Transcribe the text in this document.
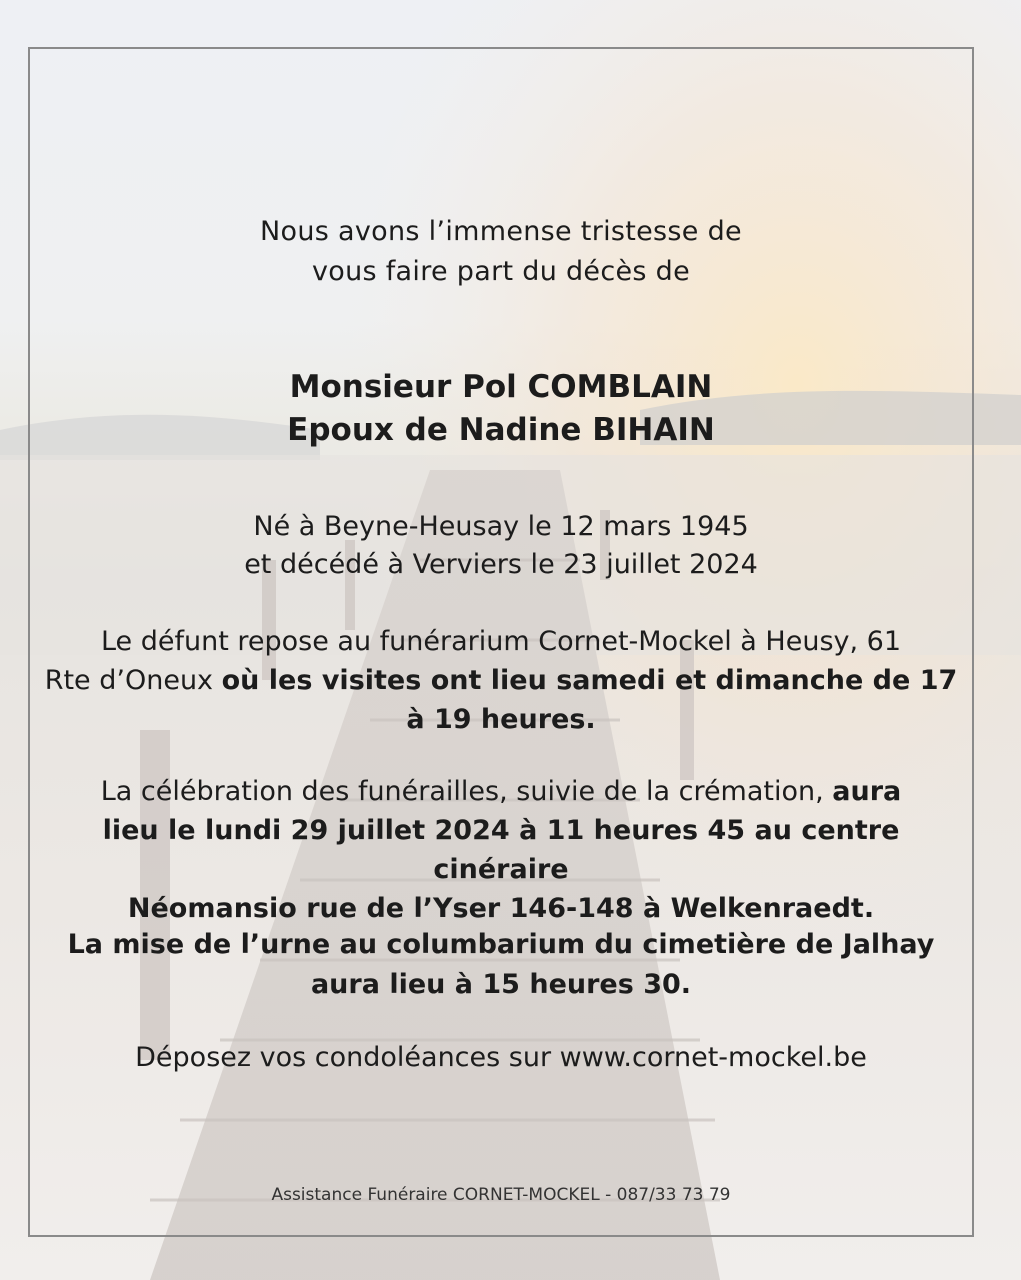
Nous avons l’immense tristesse de
vous faire part du décès de
Monsieur Pol COMBLAIN
Epoux de Nadine BIHAIN
Né à Beyne-Heusay le 12 mars 1945
et décédé à Verviers le 23 juillet 2024
Le défunt repose au funérarium Cornet-Mockel à Heusy, 61
Rte d’Oneux où les visites ont lieu samedi et dimanche de 17
à 19 heures.
La célébration des funérailles, suivie de la crémation, aura
lieu le lundi 29 juillet 2024 à 11 heures 45 au centre cinéraire
Néomansio rue de l’Yser 146-148 à Welkenraedt.
La mise de l’urne au columbarium du cimetière de Jalhay
aura lieu à 15 heures 30.
Déposez vos condoléances sur www.cornet-mockel.be
Assistance Funéraire CORNET-MOCKEL - 087/33 73 79
